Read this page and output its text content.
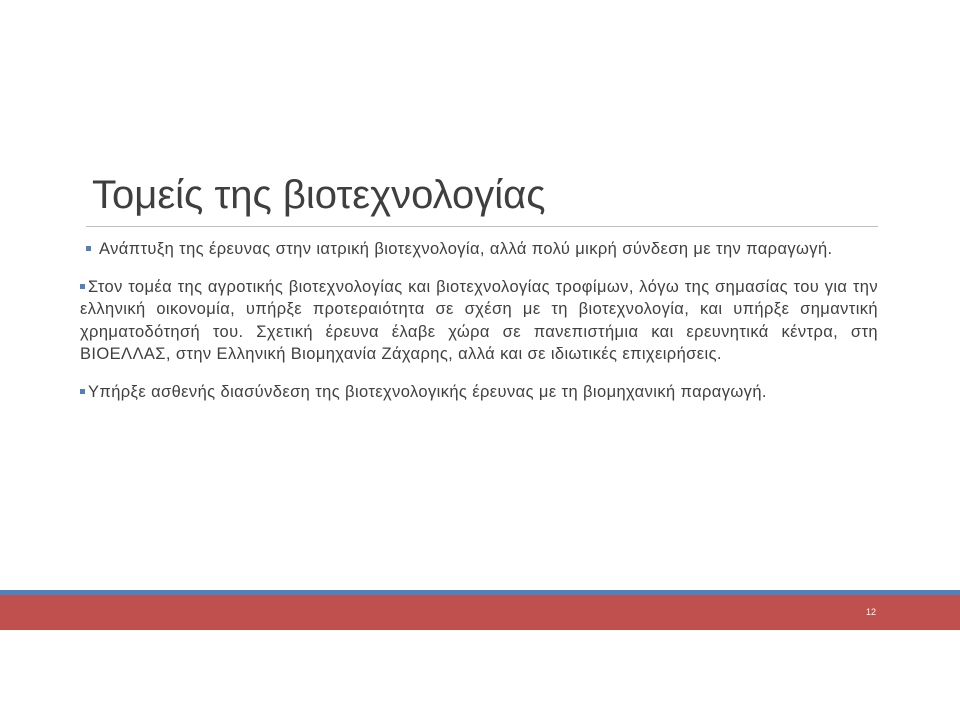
Τομείς της βιοτεχνολογίας
Ανάπτυξη της έρευνας στην ιατρική βιοτεχνολογία, αλλά πολύ μικρή σύνδεση με την παραγωγή.
Στον τομέα της αγροτικής βιοτεχνολογίας και βιοτεχνολογίας τροφίμων, λόγω της σημασίας του για την ελληνική οικονομία, υπήρξε προτεραιότητα σε σχέση με τη βιοτεχνολογία, και υπήρξε σημαντική χρηματοδότησή του. Σχετική έρευνα έλαβε χώρα σε πανεπιστήμια και ερευνητικά κέντρα, στη ΒΙΟΕΛΛΑΣ, στην Ελληνική Βιομηχανία Ζάχαρης, αλλά και σε ιδιωτικές επιχειρήσεις.
Υπήρξε ασθενής διασύνδεση της βιοτεχνολογικής έρευνας με τη βιομηχανική παραγωγή.
12
